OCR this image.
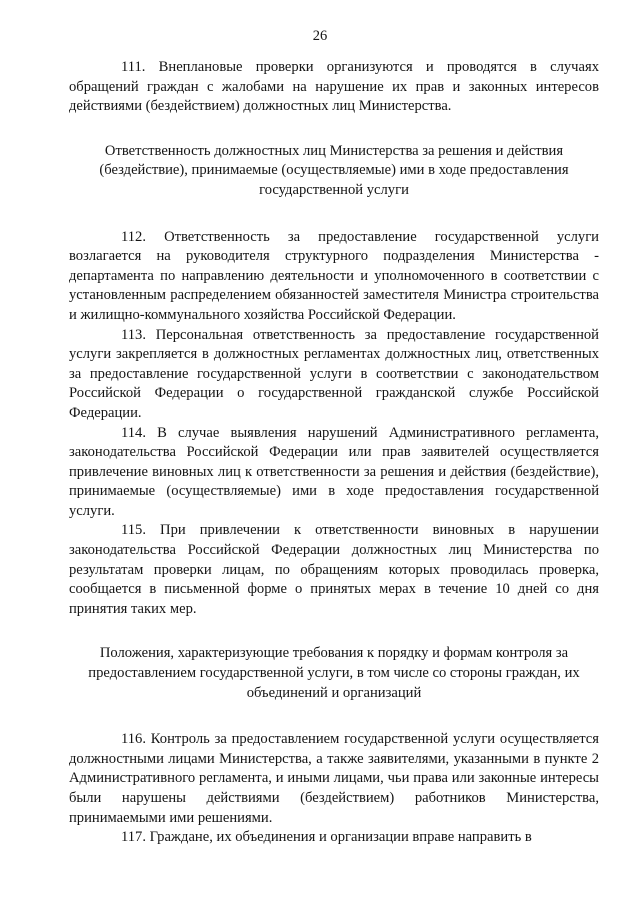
26

111. Внеплановые проверки организуются и проводятся в случаях обращений граждан с жалобами на нарушение их прав и законных интересов действиями (бездействием) должностных лиц Министерства.

Ответственность должностных лиц Министерства за решения и действия (бездействие), принимаемые (осуществляемые) ими в ходе предоставления государственной услуги

112. Ответственность за предоставление государственной услуги возлагается на руководителя структурного подразделения Министерства - департамента по направлению деятельности и уполномоченного в соответствии с установленным распределением обязанностей заместителя Министра строительства и жилищно-коммунального хозяйства Российской Федерации.

113. Персональная ответственность за предоставление государственной услуги закрепляется в должностных регламентах должностных лиц, ответственных за предоставление государственной услуги в соответствии с законодательством Российской Федерации о государственной гражданской службе Российской Федерации.

114. В случае выявления нарушений Административного регламента, законодательства Российской Федерации или прав заявителей осуществляется привлечение виновных лиц к ответственности за решения и действия (бездействие), принимаемые (осуществляемые) ими в ходе предоставления государственной услуги.

115. При привлечении к ответственности виновных в нарушении законодательства Российской Федерации должностных лиц Министерства по результатам проверки лицам, по обращениям которых проводилась проверка, сообщается в письменной форме о принятых мерах в течение 10 дней со дня принятия таких мер.

Положения, характеризующие требования к порядку и формам контроля за предоставлением государственной услуги, в том числе со стороны граждан, их объединений и организаций

116. Контроль за предоставлением государственной услуги осуществляется должностными лицами Министерства, а также заявителями, указанными в пункте 2 Административного регламента, и иными лицами, чьи права или законные интересы были нарушены действиями (бездействием) работников Министерства, принимаемыми ими решениями.

117. Граждане, их объединения и организации вправе направить в
